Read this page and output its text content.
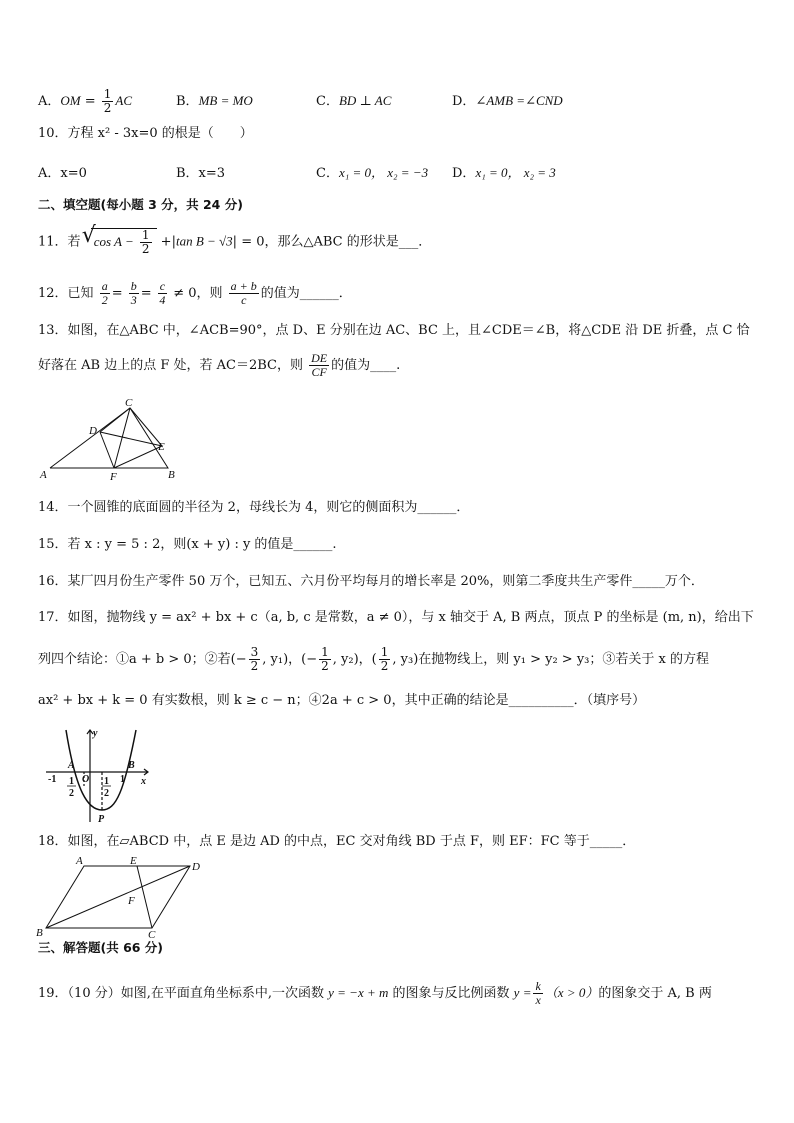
A．OM = $\frac{1}{2}$ AC	B．MB = MO	C．BD ⊥ AC	D．∠AMB =∠CND
10．方程 x² - 3x=0 的根是（　　）
A．x=0	B．x=3	C．x₁ = 0， x₂ = −3 D．x₁ = 0， x₂ = 3
二、填空题(每小题 3 分，共 24 分)
11．若 √
$\cos A - \frac{1}{2} +|\tan$ B − √3| = 0，那么△ABC 的形状是___．
12．已知 $\frac{a}{2} = \frac{b}{3} = \frac{c}{4} \ne 0$，则 $\frac{a + b}{c}$ 的值为______．
13．如图，在△ABC 中，∠ACB=90°，点 D、E 分别在边 AC、BC 上，且∠CDE＝∠B，将△CDE 沿 DE 折叠，点 C 恰
好落在 AB 边上的点 F 处，若 AC＝2BC，则 $\frac{DE}{CF}$ 的值为____.
A	B
C
D
E
F
14．一个圆锥的底面圆的半径为 2，母线长为 4，则它的侧面积为______．
15．若 x : y = 5 : 2，则(x + y) : y 的值是______.
16．某厂四月份生产零件 50 万个，已知五、六月份平均每月的增长率是 20%，则第二季度共生产零件_____万个．
17．如图，抛物线 y = ax² + bx + c（a, b, c 是常数，a ≠ 0），与 x 轴交于 A, B 两点，顶点 P 的坐标是 (m, n)，给出下
列四个结论：①a + b > 0；②若(− $\frac{3}{2}$ , y₁)，(− $\frac{1}{2}$ , y₂)，( $\frac{1}{2}$ , y₃)在抛物线上，则 y₁ > y₂ > y₃；③若关于 x 的方程
ax² + bx + k = 0 有实数根，则 k ≥ c − n；④2a + c > 0，其中正确的结论是__________．（填序号）
y
x
-1
A
O
B
1
P
1
2
1
2
18．如图，在▱ABCD 中，点 E 是边 AD 的中点，EC 交对角线 BD 于点 F，则 EF：FC 等于_____．
A	E	D
F
B	C
三、解答题(共 66 分)
19．（10 分）如图,在平面直角坐标系中,一次函数 y = −x + m 的图象与反比例函数 $y = \frac{k}{x} (x > 0)$的图象交于 A, B 两
